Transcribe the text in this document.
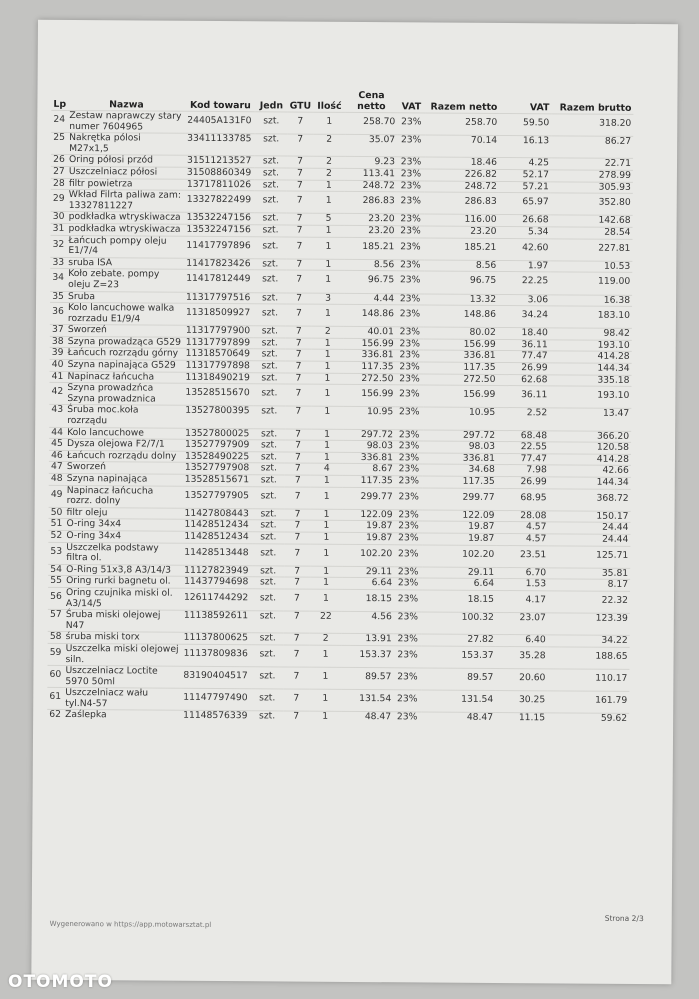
Lp	Nazwa	Kod towaru	Jedn	GTU	Ilość	Cena netto	VAT	Razem netto	VAT	Razem brutto
24	Zestaw naprawczy stary numer 7604965	24405A131F0	szt.	7	1	258.70	23%	258.70	59.50	318.20
25	Nakrętka pólosi M27x1,5	33411133785	szt.	7	2	35.07	23%	70.14	16.13	86.27
26	Oring półosi przód	31511213527	szt.	7	2	9.23	23%	18.46	4.25	22.71
27	Uszczelniacz półosi	31508860349	szt.	7	2	113.41	23%	226.82	52.17	278.99
28	filtr powietrza	13717811026	szt.	7	1	248.72	23%	248.72	57.21	305.93
29	Wkład Filrta paliwa zam: 13327811227	13327822499	szt.	7	1	286.83	23%	286.83	65.97	352.80
30	podkładka wtryskiwacza	13532247156	szt.	7	5	23.20	23%	116.00	26.68	142.68
31	podkładka wtryskiwacza	13532247156	szt.	7	1	23.20	23%	23.20	5.34	28.54
32	Łańcuch pompy oleju E1/7/4	11417797896	szt.	7	1	185.21	23%	185.21	42.60	227.81
33	sruba ISA	11417823426	szt.	7	1	8.56	23%	8.56	1.97	10.53
34	Koło zebate. pompy oleju Z=23	11417812449	szt.	7	1	96.75	23%	96.75	22.25	119.00
35	Sruba	11317797516	szt.	7	3	4.44	23%	13.32	3.06	16.38
36	Kolo lancuchowe walka rozrzadu E1/9/4	11318509927	szt.	7	1	148.86	23%	148.86	34.24	183.10
37	Sworzeń	11317797900	szt.	7	2	40.01	23%	80.02	18.40	98.42
38	Szyna prowadząca G529	11317797899	szt.	7	1	156.99	23%	156.99	36.11	193.10
39	Łańcuch rozrządu górny	11318570649	szt.	7	1	336.81	23%	336.81	77.47	414.28
40	Szyna napinająca G529	11317797898	szt.	7	1	117.35	23%	117.35	26.99	144.34
41	Napinacz łańcucha	11318490219	szt.	7	1	272.50	23%	272.50	62.68	335.18
42	Szyna prowadzńca Szyna prowadznica	13528515670	szt.	7	1	156.99	23%	156.99	36.11	193.10
43	Śruba moc.koła rozrządu	13527800395	szt.	7	1	10.95	23%	10.95	2.52	13.47
44	Kolo lancuchowe	13527800025	szt.	7	1	297.72	23%	297.72	68.48	366.20
45	Dysza olejowa F2/7/1	13527797909	szt.	7	1	98.03	23%	98.03	22.55	120.58
46	Łańcuch rozrządu dolny	13528490225	szt.	7	1	336.81	23%	336.81	77.47	414.28
47	Sworzeń	13527797908	szt.	7	4	8.67	23%	34.68	7.98	42.66
48	Szyna napinająca	13528515671	szt.	7	1	117.35	23%	117.35	26.99	144.34
49	Napinacz łańcucha rozrz. dolny	13527797905	szt.	7	1	299.77	23%	299.77	68.95	368.72
50	filtr oleju	11427808443	szt.	7	1	122.09	23%	122.09	28.08	150.17
51	O-ring 34x4	11428512434	szt.	7	1	19.87	23%	19.87	4.57	24.44
52	O-ring 34x4	11428512434	szt.	7	1	19.87	23%	19.87	4.57	24.44
53	Uszczelka podstawy filtra ol.	11428513448	szt.	7	1	102.20	23%	102.20	23.51	125.71
54	O-Ring 51x3,8 A3/14/3	11127823949	szt.	7	1	29.11	23%	29.11	6.70	35.81
55	Oring rurki bagnetu ol.	11437794698	szt.	7	1	6.64	23%	6.64	1.53	8.17
56	Oring czujnika miski ol. A3/14/5	12611744292	szt.	7	1	18.15	23%	18.15	4.17	22.32
57	Śruba miski olejowej N47	11138592611	szt.	7	22	4.56	23%	100.32	23.07	123.39
58	śruba miski torx	11137800625	szt.	7	2	13.91	23%	27.82	6.40	34.22
59	Uszczelka miski olejowej siln.	11137809836	szt.	7	1	153.37	23%	153.37	35.28	188.65
60	Uszczelniacz Loctite 5970 50ml	83190404517	szt.	7	1	89.57	23%	89.57	20.60	110.17
61	Uszczelniacz wału tyl.N4-57	11147797490	szt.	7	1	131.54	23%	131.54	30.25	161.79
62	Zaślepka	11148576339	szt.	7	1	48.47	23%	48.47	11.15	59.62
Wygenerowano w https://app.motowarsztat.pl
Strona 2/3
OTOMOTO
